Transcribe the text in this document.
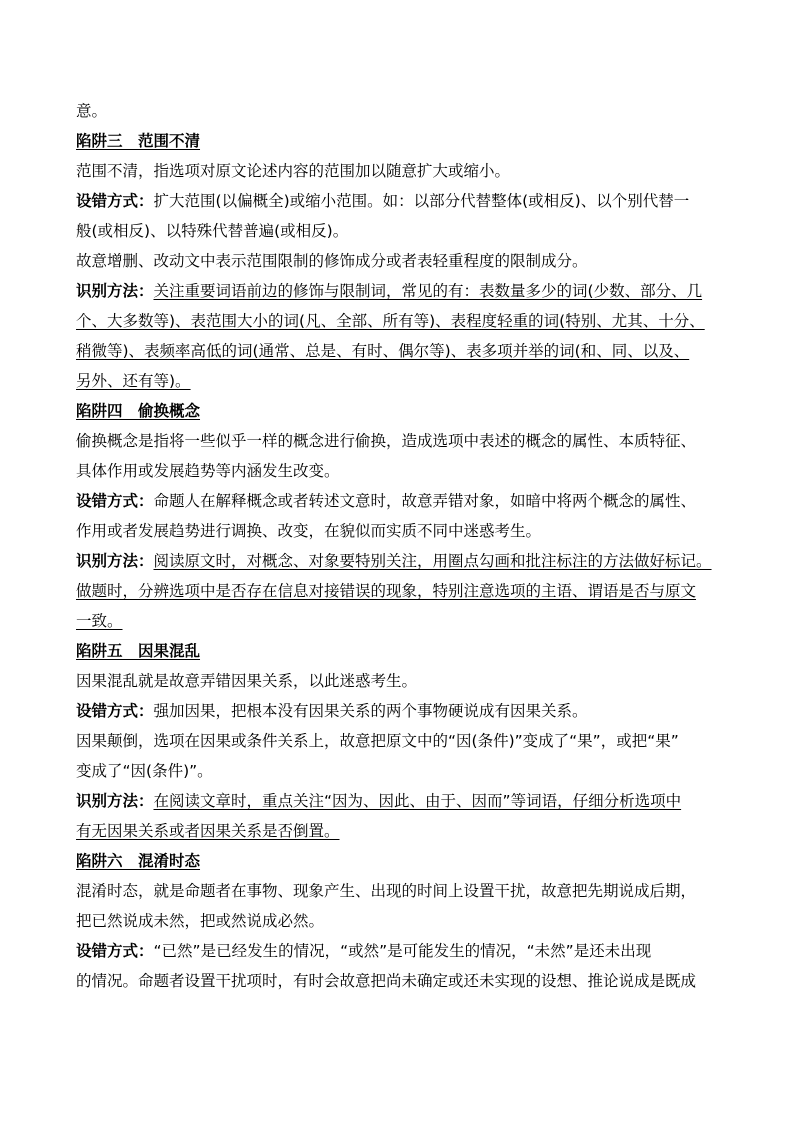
意。
陷阱三　范围不清
范围不清，指选项对原文论述内容的范围加以随意扩大或缩小。
设错方式：扩大范围(以偏概全)或缩小范围。如：以部分代替整体(或相反)、以个别代替一
般(或相反)、以特殊代替普遍(或相反)。
故意增删、改动文中表示范围限制的修饰成分或者表轻重程度的限制成分。
识别方法：关注重要词语前边的修饰与限制词，常见的有：表数量多少的词(少数、部分、几
个、大多数等)、表范围大小的词(凡、全部、所有等)、表程度轻重的词(特别、尤其、十分、
稍微等)、表频率高低的词(通常、总是、有时、偶尔等)、表多项并举的词(和、同、以及、
另外、还有等)。
陷阱四　偷换概念
偷换概念是指将一些似乎一样的概念进行偷换，造成选项中表述的概念的属性、本质特征、
具体作用或发展趋势等内涵发生改变。
设错方式：命题人在解释概念或者转述文意时，故意弄错对象，如暗中将两个概念的属性、
作用或者发展趋势进行调换、改变，在貌似而实质不同中迷惑考生。
识别方法：阅读原文时，对概念、对象要特别关注，用圈点勾画和批注标注的方法做好标记。
做题时，分辨选项中是否存在信息对接错误的现象，特别注意选项的主语、谓语是否与原文
一致。
陷阱五　因果混乱
因果混乱就是故意弄错因果关系，以此迷惑考生。
设错方式：强加因果，把根本没有因果关系的两个事物硬说成有因果关系。
因果颠倒，选项在因果或条件关系上，故意把原文中的“因(条件)”变成了“果”，或把“果”
变成了“因(条件)”。
识别方法：在阅读文章时，重点关注“因为、因此、由于、因而”等词语，仔细分析选项中
有无因果关系或者因果关系是否倒置。
陷阱六　混淆时态
混淆时态，就是命题者在事物、现象产生、出现的时间上设置干扰，故意把先期说成后期，
把已然说成未然，把或然说成必然。
设错方式：“已然”是已经发生的情况，“或然”是可能发生的情况，“未然”是还未出现
的情况。命题者设置干扰项时，有时会故意把尚未确定或还未实现的设想、推论说成是既成
